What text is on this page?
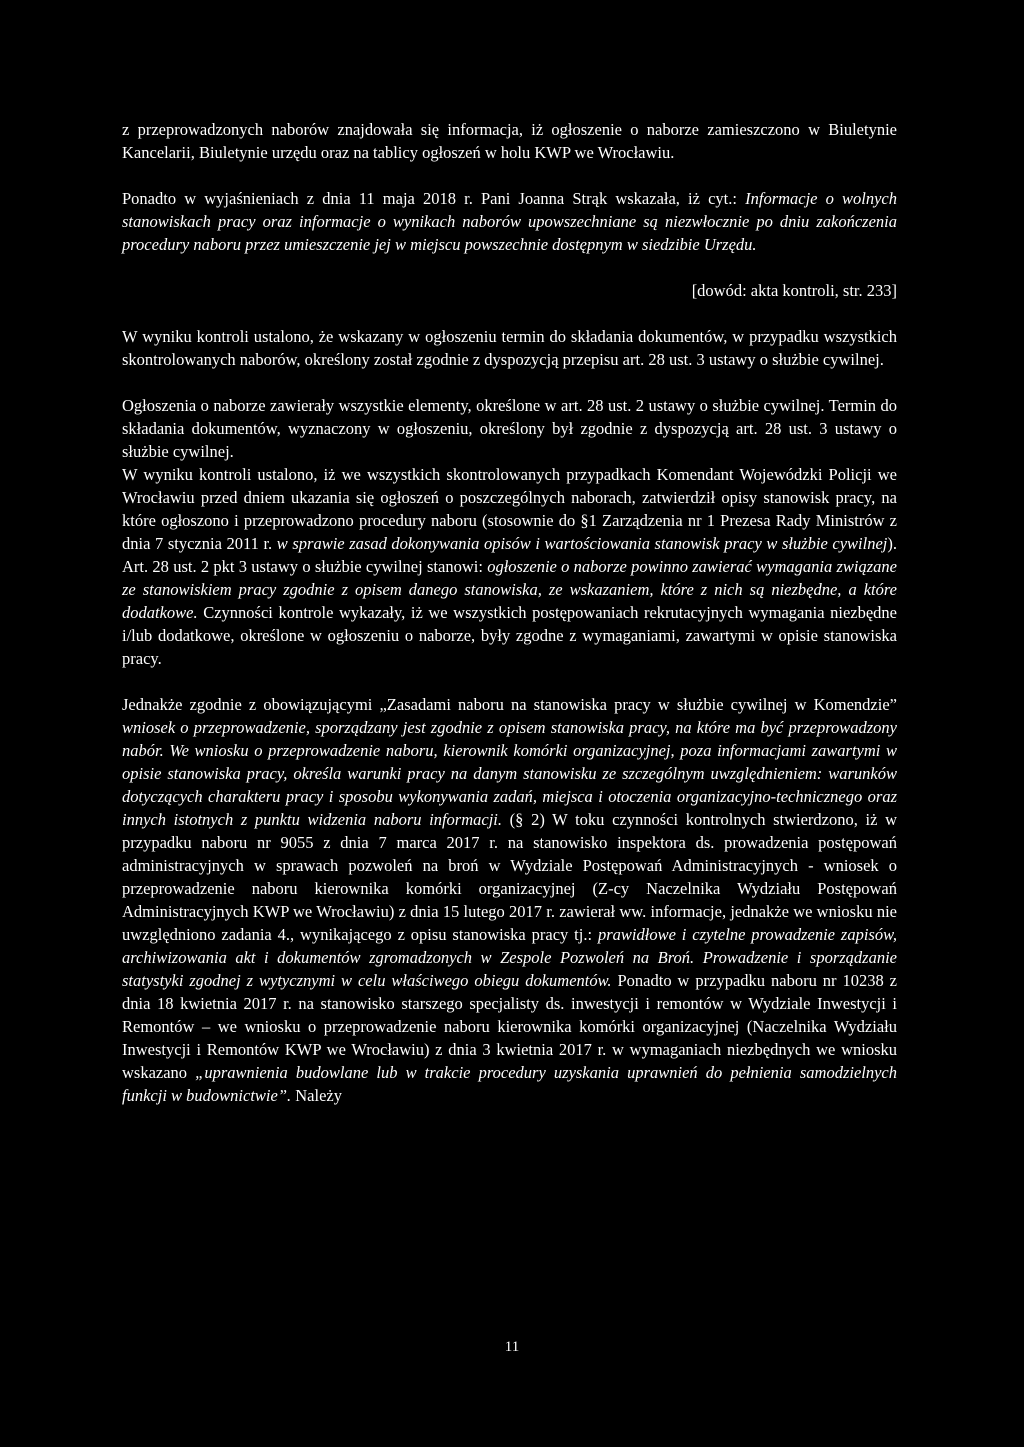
z przeprowadzonych naborów znajdowała się informacja, iż ogłoszenie o naborze zamieszczono w Biuletynie Kancelarii, Biuletynie urzędu oraz na tablicy ogłoszeń w holu KWP we Wrocławiu.

Ponadto w wyjaśnieniach z dnia 11 maja 2018 r. Pani Joanna Strąk wskazała, iż cyt.: Informacje o wolnych stanowiskach pracy oraz informacje o wynikach naborów upowszechniane są niezwłocznie po dniu zakończenia procedury naboru przez umieszczenie jej w miejscu powszechnie dostępnym w siedzibie Urzędu.

[dowód: akta kontroli, str. 233]

W wyniku kontroli ustalono, że wskazany w ogłoszeniu termin do składania dokumentów, w przypadku wszystkich skontrolowanych naborów, określony został zgodnie z dyspozycją przepisu art. 28 ust. 3 ustawy o służbie cywilnej.

Ogłoszenia o naborze zawierały wszystkie elementy, określone w art. 28 ust. 2 ustawy o służbie cywilnej. Termin do składania dokumentów, wyznaczony w ogłoszeniu, określony był zgodnie z dyspozycją art. 28 ust. 3 ustawy o służbie cywilnej.

W wyniku kontroli ustalono, iż we wszystkich skontrolowanych przypadkach Komendant Wojewódzki Policji we Wrocławiu przed dniem ukazania się ogłoszeń o poszczególnych naborach, zatwierdził opisy stanowisk pracy, na które ogłoszono i przeprowadzono procedury naboru (stosownie do §1 Zarządzenia nr 1 Prezesa Rady Ministrów z dnia 7 stycznia 2011 r. w sprawie zasad dokonywania opisów i wartościowania stanowisk pracy w służbie cywilnej). Art. 28 ust. 2 pkt 3 ustawy o służbie cywilnej stanowi: ogłoszenie o naborze powinno zawierać wymagania związane ze stanowiskiem pracy zgodnie z opisem danego stanowiska, ze wskazaniem, które z nich są niezbędne, a które dodatkowe. Czynności kontrole wykazały, iż we wszystkich postępowaniach rekrutacyjnych wymagania niezbędne i/lub dodatkowe, określone w ogłoszeniu o naborze, były zgodne z wymaganiami, zawartymi w opisie stanowiska pracy.

Jednakże zgodnie z obowiązującymi „Zasadami naboru na stanowiska pracy w służbie cywilnej w Komendzie” wniosek o przeprowadzenie, sporządzany jest zgodnie z opisem stanowiska pracy, na które ma być przeprowadzony nabór. We wniosku o przeprowadzenie naboru, kierownik komórki organizacyjnej, poza informacjami zawartymi w opisie stanowiska pracy, określa warunki pracy na danym stanowisku ze szczególnym uwzględnieniem: warunków dotyczących charakteru pracy i sposobu wykonywania zadań, miejsca i otoczenia organizacyjno-technicznego oraz innych istotnych z punktu widzenia naboru informacji. (§ 2) W toku czynności kontrolnych stwierdzono, iż w przypadku naboru nr 9055 z dnia 7 marca 2017 r. na stanowisko inspektora ds. prowadzenia postępowań administracyjnych w sprawach pozwoleń na broń w Wydziale Postępowań Administracyjnych - wniosek o przeprowadzenie naboru kierownika komórki organizacyjnej (Z-cy Naczelnika Wydziału Postępowań Administracyjnych KWP we Wrocławiu) z dnia 15 lutego 2017 r. zawierał ww. informacje, jednakże we wniosku nie uwzględniono zadania 4., wynikającego z opisu stanowiska pracy tj.: prawidłowe i czytelne prowadzenie zapisów, archiwizowania akt i dokumentów zgromadzonych w Zespole Pozwoleń na Broń. Prowadzenie i sporządzanie statystyki zgodnej z wytycznymi w celu właściwego obiegu dokumentów. Ponadto w przypadku naboru nr 10238 z dnia 18 kwietnia 2017 r. na stanowisko starszego specjalisty ds. inwestycji i remontów w Wydziale Inwestycji i Remontów – we wniosku o przeprowadzenie naboru kierownika komórki organizacyjnej (Naczelnika Wydziału Inwestycji i Remontów KWP we Wrocławiu) z dnia 3 kwietnia 2017 r. w wymaganiach niezbędnych we wniosku wskazano „uprawnienia budowlane lub w trakcie procedury uzyskania uprawnień do pełnienia samodzielnych funkcji w budownictwie”. Należy

11
